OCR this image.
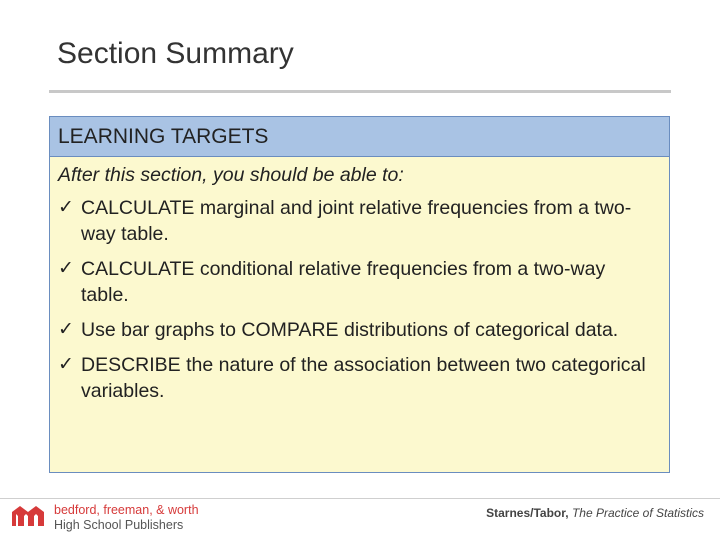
Section Summary
LEARNING TARGETS
After this section, you should be able to:
✓ CALCULATE marginal and joint relative frequencies from a two-way table.
✓ CALCULATE conditional relative frequencies from a two-way table.
✓ Use bar graphs to COMPARE distributions of categorical data.
✓ DESCRIBE the nature of the association between two categorical variables.
bedford, freeman, & worth
High School Publishers
Starnes/Tabor, The Practice of Statistics
